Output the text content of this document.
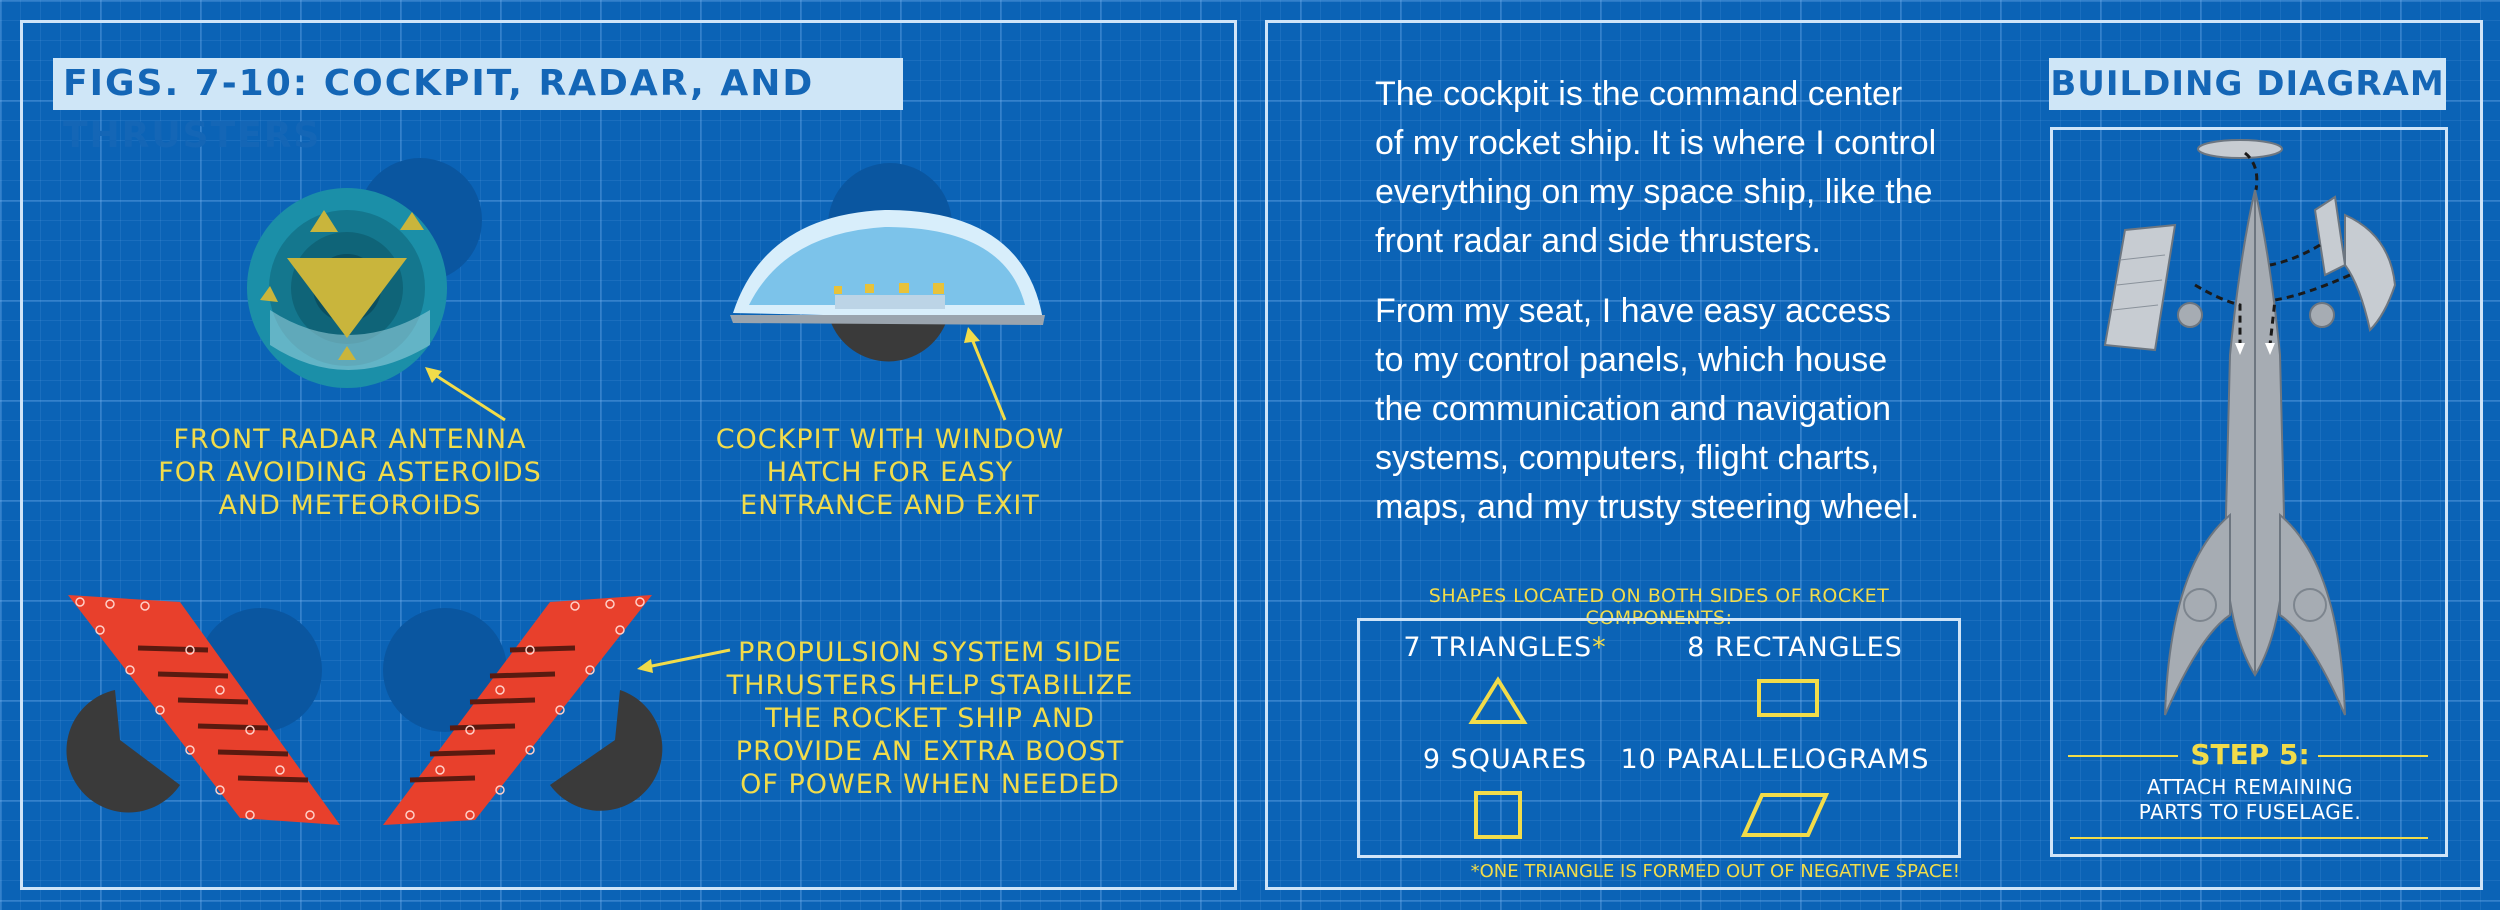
FIGS. 7-10: COCKPIT, RADAR, AND THRUSTERS
FRONT RADAR ANTENNA
FOR AVOIDING ASTEROIDS
AND METEOROIDS
COCKPIT WITH WINDOW
HATCH FOR EASY
ENTRANCE AND EXIT
PROPULSION SYSTEM SIDE
THRUSTERS HELP STABILIZE
THE ROCKET SHIP AND
PROVIDE AN EXTRA BOOST
OF POWER WHEN NEEDED
The cockpit is the command center
of my rocket ship. It is where I control
everything on my space ship, like the
front radar and side thrusters.
From my seat, I have easy access
to my control panels, which house
the communication and navigation
systems, computers, flight charts,
maps, and my trusty steering wheel.
SHAPES LOCATED ON BOTH SIDES OF ROCKET COMPONENTS:
7 TRIANGLES*	8 RECTANGLES
9 SQUARES	10 PARALLELOGRAMS
*ONE TRIANGLE IS FORMED OUT OF NEGATIVE SPACE!
BUILDING DIAGRAM
STEP 5:
ATTACH REMAINING
PARTS TO FUSELAGE.
